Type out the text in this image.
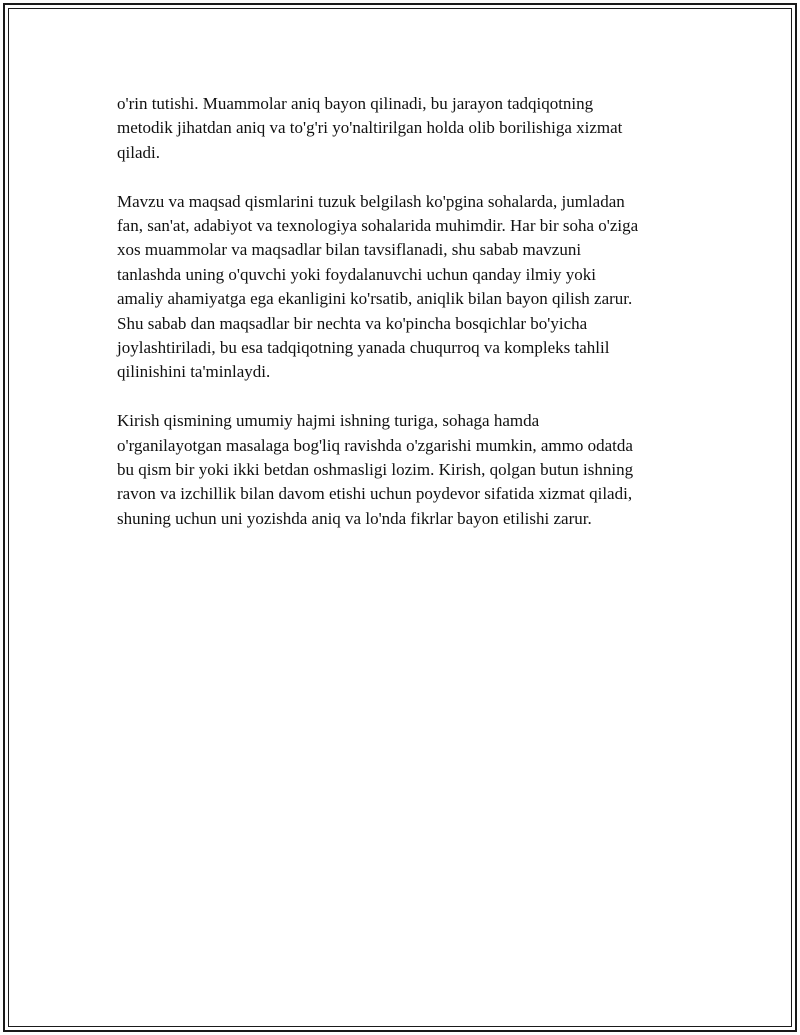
o'rin tutishi. Muammolar aniq bayon qilinadi, bu jarayon tadqiqotning
metodik jihatdan aniq va to'g'ri yo'naltirilgan holda olib borilishiga xizmat
qiladi.

Mavzu va maqsad qismlarini tuzuk belgilash ko'pgina sohalarda, jumladan
fan, san'at, adabiyot va texnologiya sohalarida muhimdir. Har bir soha o'ziga
xos muammolar va maqsadlar bilan tavsiflanadi, shu sabab mavzuni
tanlashda uning o'quvchi yoki foydalanuvchi uchun qanday ilmiy yoki
amaliy ahamiyatga ega ekanligini ko'rsatib, aniqlik bilan bayon qilish zarur.
Shu sabab dan maqsadlar bir nechta va ko'pincha bosqichlar bo'yicha
joylashtiriladi, bu esa tadqiqotning yanada chuqurroq va kompleks tahlil
qilinishini ta'minlaydi.

Kirish qismining umumiy hajmi ishning turiga, sohaga hamda
o'rganilayotgan masalaga bog'liq ravishda o'zgarishi mumkin, ammo odatda
bu qism bir yoki ikki betdan oshmasligi lozim. Kirish, qolgan butun ishning
ravon va izchillik bilan davom etishi uchun poydevor sifatida xizmat qiladi,
shuning uchun uni yozishda aniq va lo'nda fikrlar bayon etilishi zarur.
